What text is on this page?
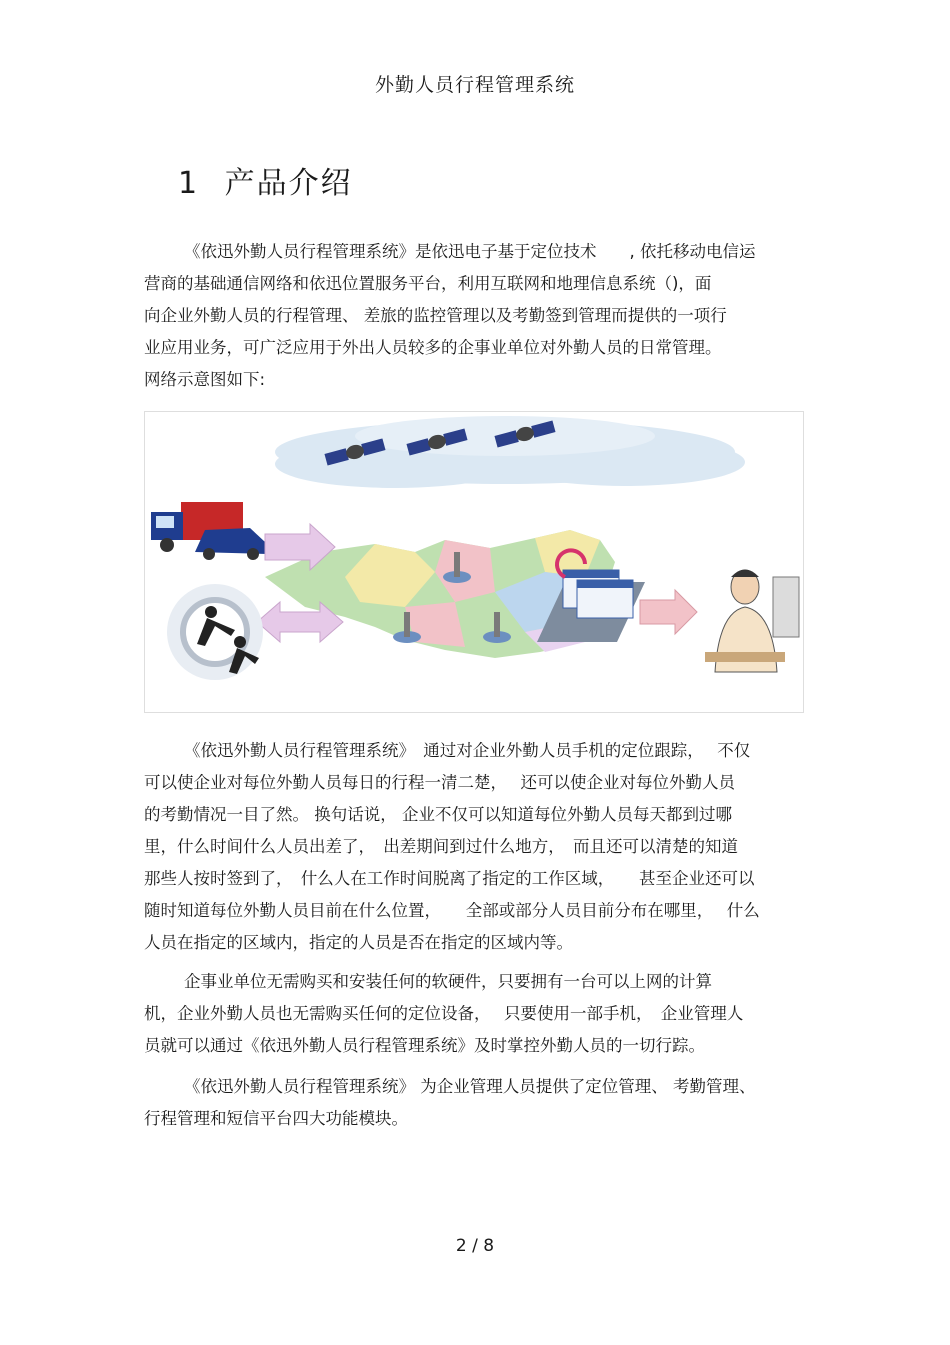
外勤人员行程管理系统
1 产品介绍
《依迅外勤人员行程管理系统》是依迅电子基于定位技术　　, 依托移动电信运
营商的基础通信网络和依迅位置服务平台，利用互联网和地理信息系统（)，面
向企业外勤人员的行程管理、 差旅的监控管理以及考勤签到管理而提供的一项行
业应用业务，可广泛应用于外出人员较多的企事业单位对外勤人员的日常管理。
网络示意图如下:
《依迅外勤人员行程管理系统》　通过对企业外勤人员手机的定位跟踪，　 不仅
可以使企业对每位外勤人员每日的行程一清二楚，　 还可以使企业对每位外勤人员
的考勤情况一目了然。 换句话说， 企业不仅可以知道每位外勤人员每天都到过哪
里，什么时间什么人员出差了，　出差期间到过什么地方，　而且还可以清楚的知道
那些人按时签到了，　什么人在工作时间脱离了指定的工作区域，　　甚至企业还可以
随时知道每位外勤人员目前在什么位置，　　全部或部分人员目前分布在哪里，　 什么
人员在指定的区域内，指定的人员是否在指定的区域内等。
企事业单位无需购买和安装任何的软硬件，只要拥有一台可以上网的计算
机，企业外勤人员也无需购买任何的定位设备，　 只要使用一部手机，　企业管理人
员就可以通过《依迅外勤人员行程管理系统》及时掌控外勤人员的一切行踪。
《依迅外勤人员行程管理系统》 为企业管理人员提供了定位管理、 考勤管理、
行程管理和短信平台四大功能模块。
2 / 8
